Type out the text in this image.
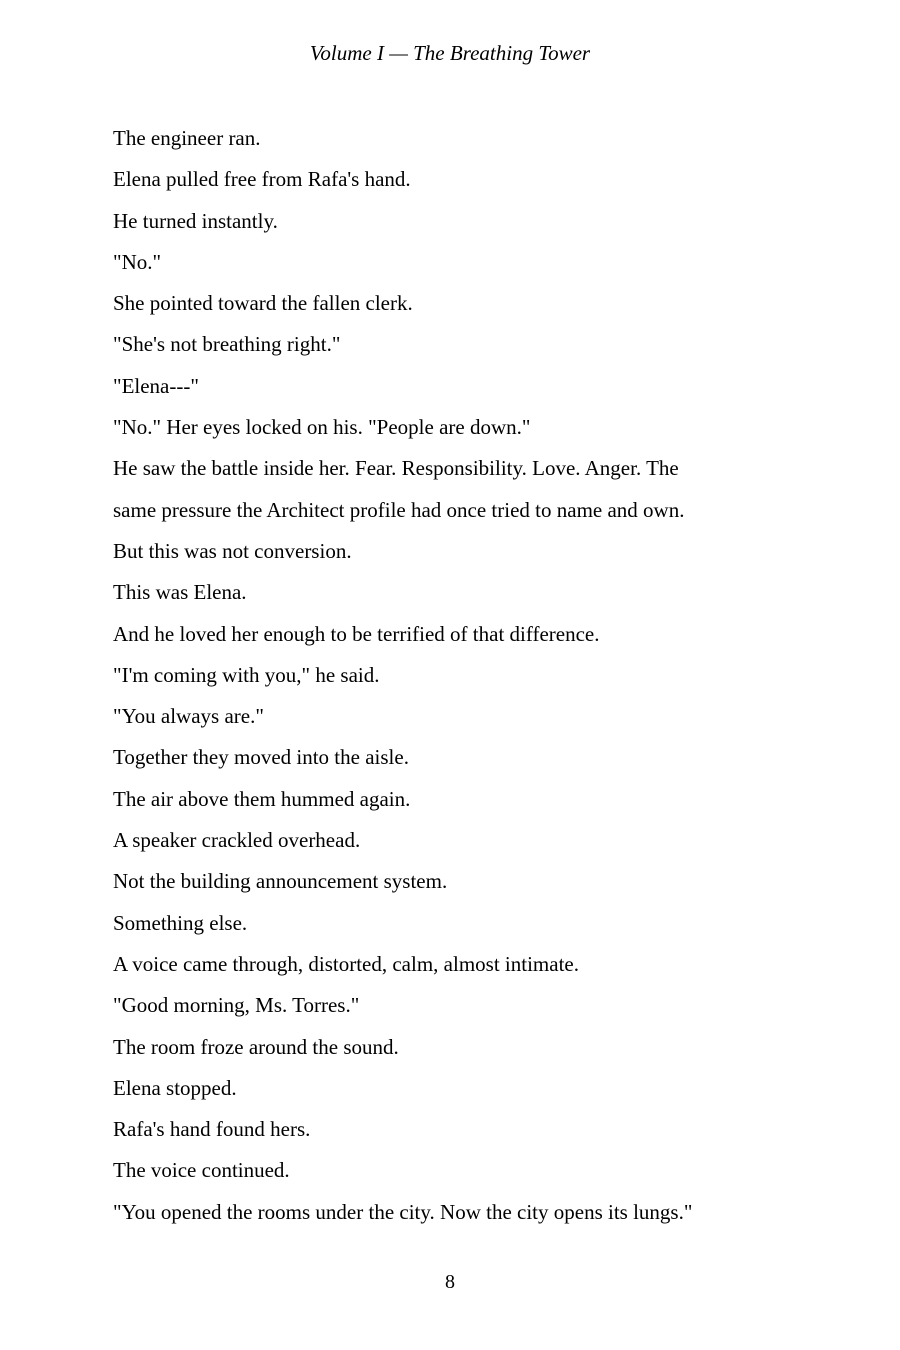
Volume I — The Breathing Tower

The engineer ran.

Elena pulled free from Rafa's hand.

He turned instantly.

"No."

She pointed toward the fallen clerk.

"She's not breathing right."

"Elena---"

"No." Her eyes locked on his. "People are down."

He saw the battle inside her. Fear. Responsibility. Love. Anger. The

same pressure the Architect profile had once tried to name and own.

But this was not conversion.

This was Elena.

And he loved her enough to be terrified of that difference.

"I'm coming with you," he said.

"You always are."

Together they moved into the aisle.

The air above them hummed again.

A speaker crackled overhead.

Not the building announcement system.

Something else.

A voice came through, distorted, calm, almost intimate.

"Good morning, Ms. Torres."

The room froze around the sound.

Elena stopped.

Rafa's hand found hers.

The voice continued.

"You opened the rooms under the city. Now the city opens its lungs."

8
